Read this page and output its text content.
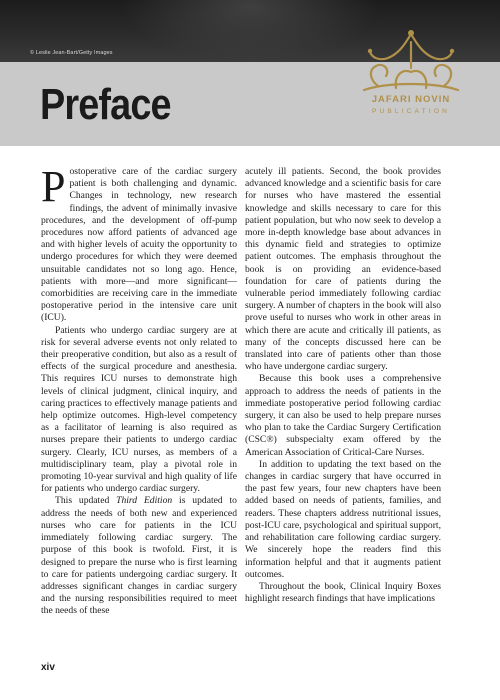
© Leslie Jean-Bart/Getty Images
Preface	JAFARI NOVIN
PUBLICATION

Postoperative care of the cardiac surgery patient is both challenging and dynamic. Changes in technology, new research findings, the advent of minimally invasive procedures, and the development of off-pump procedures now afford patients of advanced age and with higher levels of acuity the opportunity to undergo procedures for which they were deemed unsuitable candidates not so long ago. Hence, patients with more—and more significant—comorbidities are receiving care in the immediate postoperative period in the intensive care unit (ICU).

Patients who undergo cardiac surgery are at risk for several adverse events not only related to their preoperative condition, but also as a result of effects of the surgical procedure and anesthesia. This requires ICU nurses to demonstrate high levels of clinical judgment, clinical inquiry, and caring practices to effectively manage patients and help optimize outcomes. High-level competency as a facilitator of learning is also required as nurses prepare their patients to undergo cardiac surgery. Clearly, ICU nurses, as members of a multidisciplinary team, play a pivotal role in promoting 10-year survival and high quality of life for patients who undergo cardiac surgery.

This updated Third Edition is updated to address the needs of both new and experienced nurses who care for patients in the ICU immediately following cardiac surgery. The purpose of this book is twofold. First, it is designed to prepare the nurse who is first learning to care for patients undergoing cardiac surgery. It addresses significant changes in cardiac surgery and the nursing responsibilities required to meet the needs of these

acutely ill patients. Second, the book provides advanced knowledge and a scientific basis for care for nurses who have mastered the essential knowledge and skills necessary to care for this patient population, but who now seek to develop a more in-depth knowledge base about advances in this dynamic field and strategies to optimize patient outcomes. The emphasis throughout the book is on providing an evidence-based foundation for care of patients during the vulnerable period immediately following cardiac surgery. A number of chapters in the book will also prove useful to nurses who work in other areas in which there are acute and critically ill patients, as many of the concepts discussed here can be translated into care of patients other than those who have undergone cardiac surgery.

Because this book uses a comprehensive approach to address the needs of patients in the immediate postoperative period following cardiac surgery, it can also be used to help prepare nurses who plan to take the Cardiac Surgery Certification (CSC®) subspecialty exam offered by the American Association of Critical-Care Nurses.

In addition to updating the text based on the changes in cardiac surgery that have occurred in the past few years, four new chapters have been added based on needs of patients, families, and readers. These chapters address nutritional issues, post-ICU care, psychological and spiritual support, and rehabilitation care following cardiac surgery. We sincerely hope the readers find this information helpful and that it augments patient outcomes.

Throughout the book, Clinical Inquiry Boxes highlight research findings that have implications

xiv
